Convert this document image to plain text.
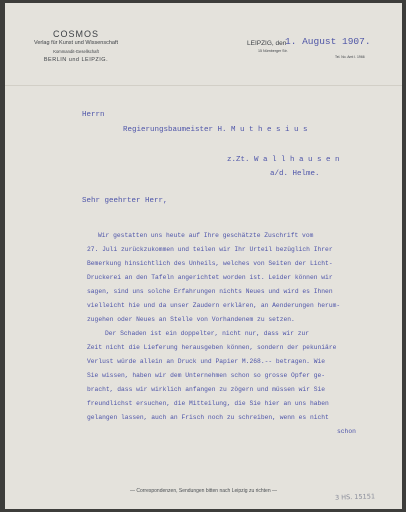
COSMOS
Verlag für Kunst und Wissenschaft
Kommandit-Gesellschaft
BERLIN und LEIPZIG.
LEIPZIG, den
1. August 1907.
15 Nürnberger Str.
Tel. No. Amt I. 1966
Herrn
Regierungsbaumeister H. M u t h e s i u s
z.Zt. W a l l h a u s e n
a/d. Helme.
Sehr geehrter Herr,
Wir gestatten uns heute auf Ihre geschätzte Zuschrift vom
27. Juli zurückzukommen und teilen wir Ihr Urteil bezüglich Ihrer
Bemerkung hinsichtlich des Unheils, welches von Seiten der Licht-
Druckerei an den Tafeln angerichtet worden ist. Leider können wir
sagen, sind uns solche Erfahrungen nichts Neues und wird es Ihnen
vielleicht hie und da unser Zaudern erklären, an Aenderungen herum-
zugehen oder Neues an Stelle von Vorhandenem zu setzen.
Der Schaden ist ein doppelter, nicht nur, dass wir zur
Zeit nicht die Lieferung herausgeben können, sondern der pekuniäre
Verlust würde allein an Druck und Papier M.268.-- betragen. Wie
Sie wissen, haben wir dem Unternehmen schon so grosse Opfer ge-
bracht, dass wir wirklich anfangen zu zögern und müssen wir Sie
freundlichst ersuchen, die Mitteilung, die Sie hier an uns haben
gelangen lassen, auch an Frisch noch zu schreiben, wenn es nicht
schon
— Correspondenzen, Sendungen bitten nach Leipzig zu richten —
3 HS. 15151
